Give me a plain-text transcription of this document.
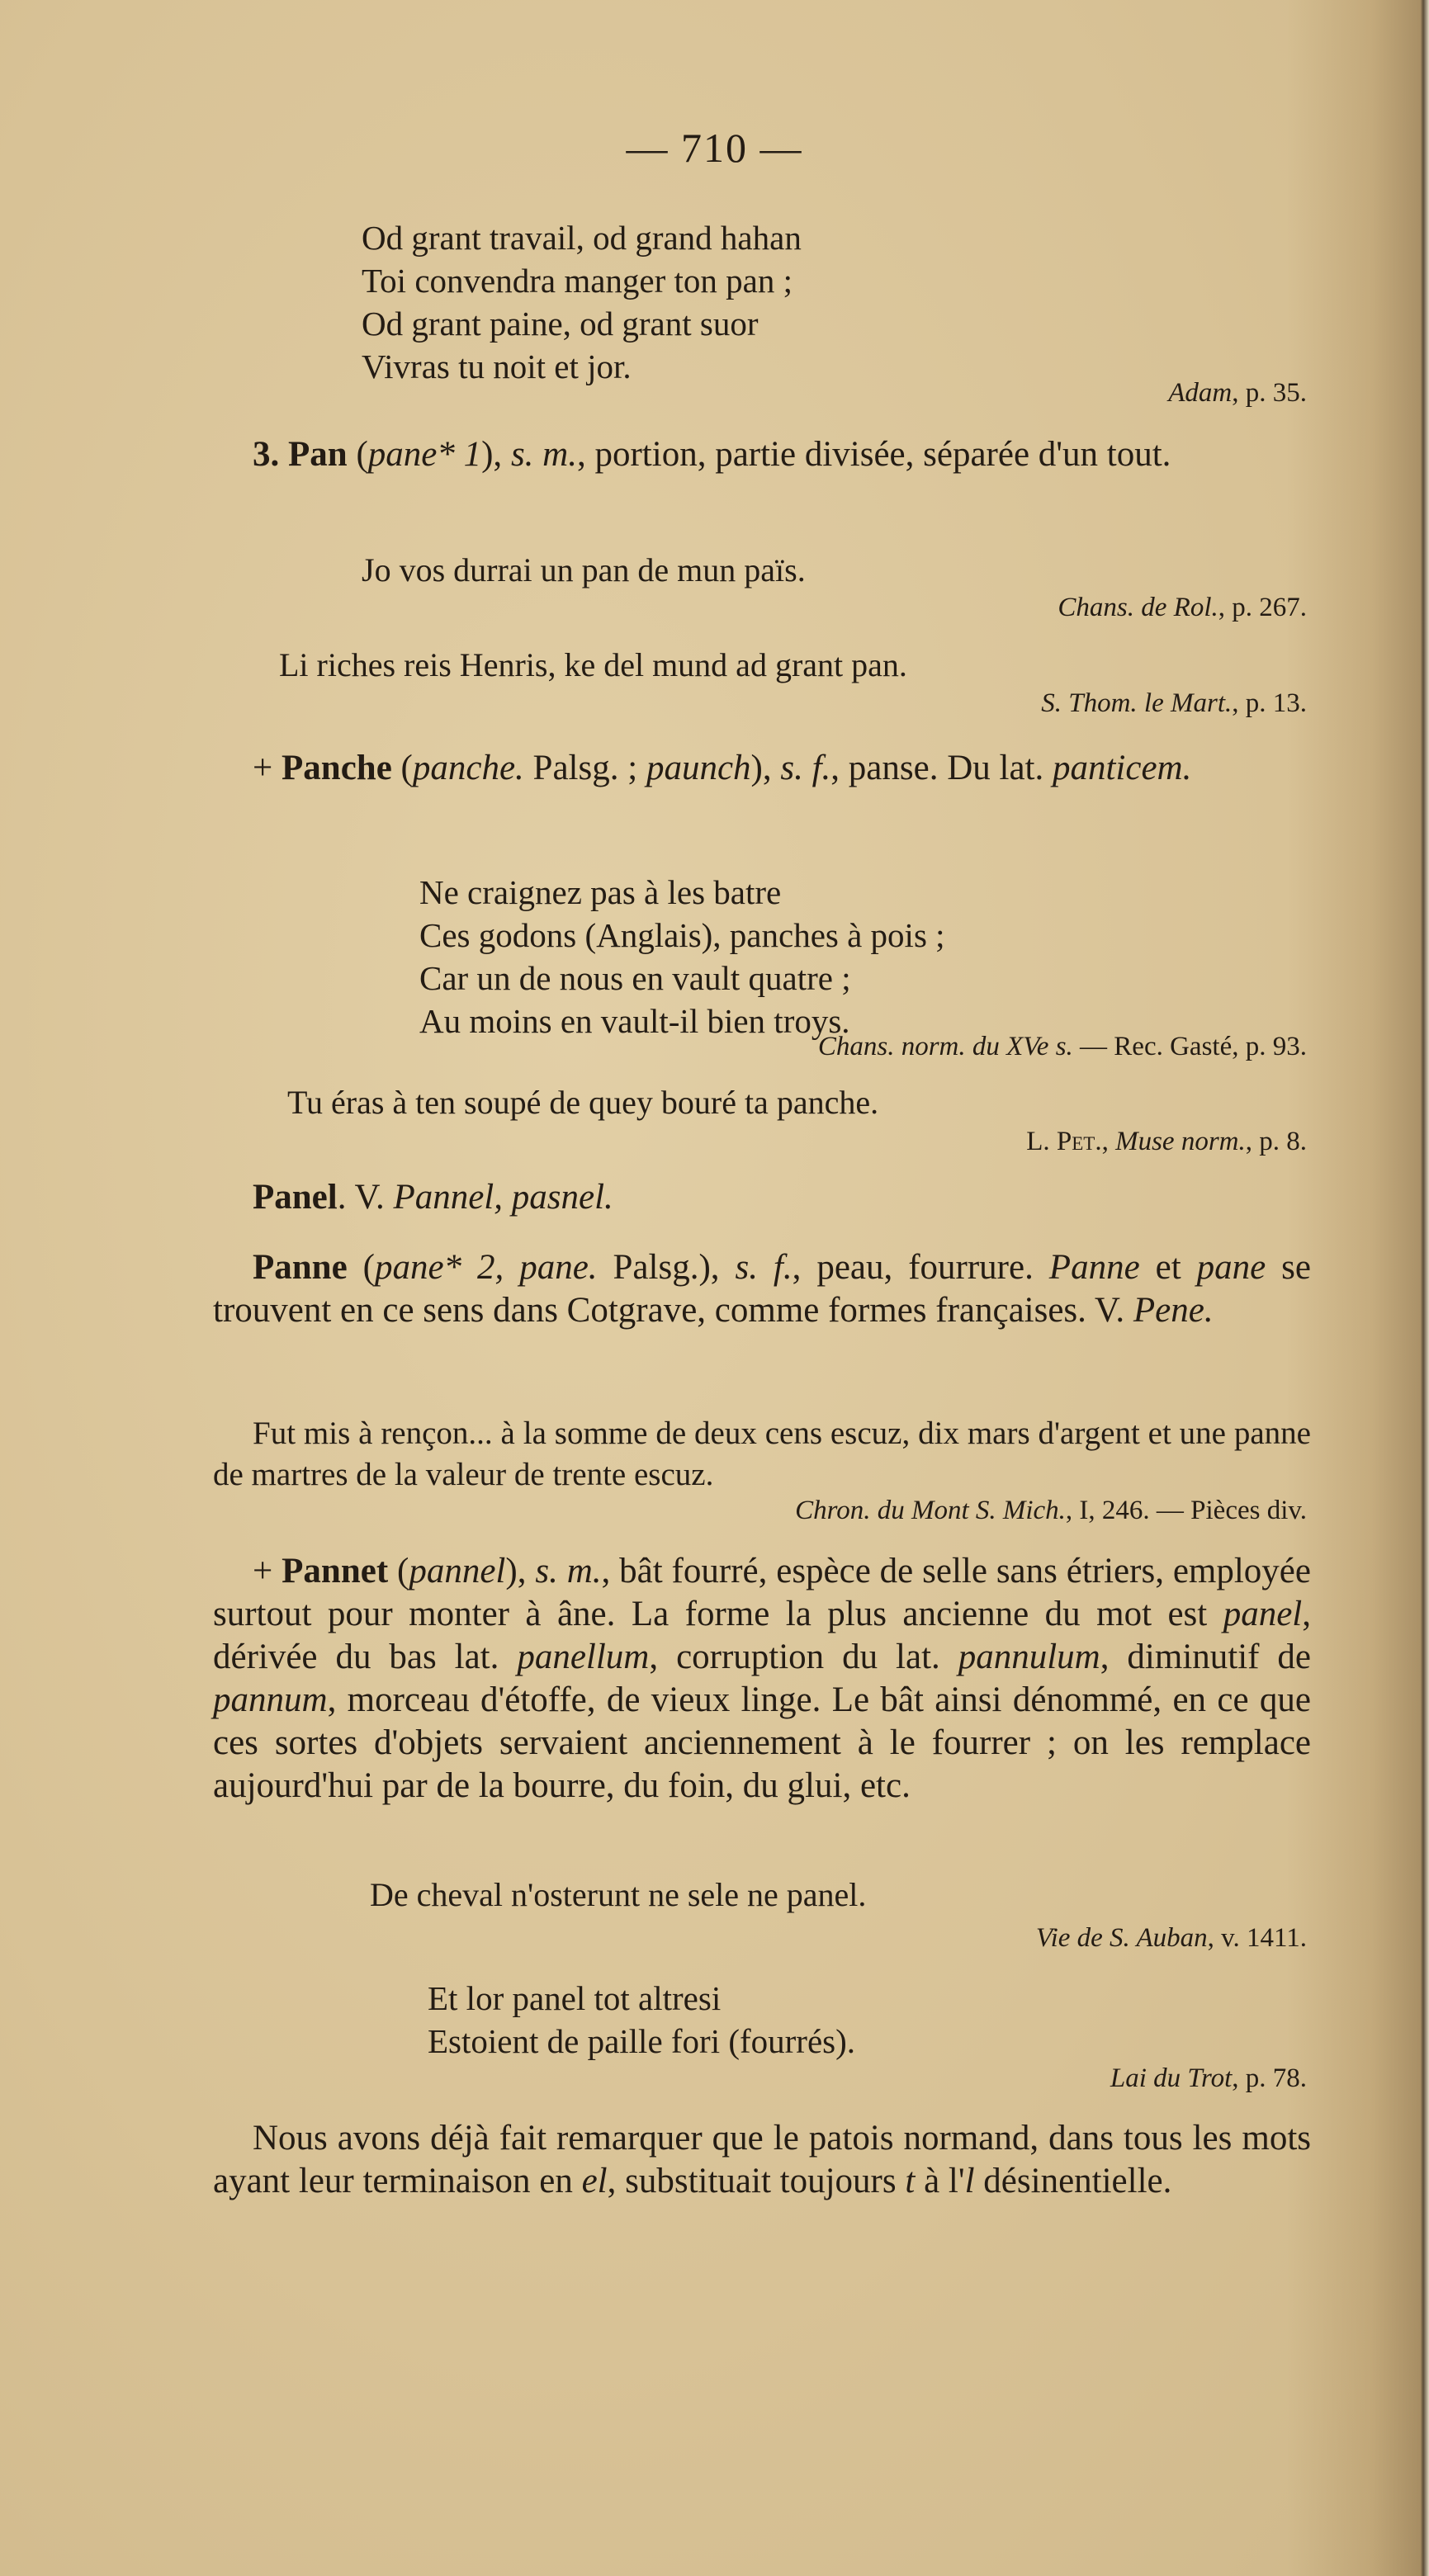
— 710 —
Od grant travail, od grand hahan
Toi convendra manger ton pan ;
Od grant paine, od grant suor
Vivras tu noit et jor.
Adam, p. 35.
3. Pan (pane* 1), s. m., portion, partie divisée, séparée d'un tout.
Jo vos durrai un pan de mun païs.
Chans. de Rol., p. 267.
Li riches reis Henris, ke del mund ad grant pan.
S. Thom. le Mart., p. 13.
+ Panche (panche. Palsg. ; paunch), s. f., panse. Du lat. panticem.
Ne craignez pas à les batre
Ces godons (Anglais), panches à pois ;
Car un de nous en vault quatre ;
Au moins en vault-il bien troys.
Chans. norm. du XVe s. — Rec. Gasté, p. 93.
Tu éras à ten soupé de quey bouré ta panche.
L. Pet., Muse norm., p. 8.
Panel. V. Pannel, pasnel.
Panne (pane* 2, pane. Palsg.), s. f., peau, fourrure. Panne et pane se trouvent en ce sens dans Cotgrave, comme formes françaises. V. Pene.
Fut mis à rençon... à la somme de deux cens escuz, dix mars d'argent et une panne de martres de la valeur de trente escuz.
Chron. du Mont S. Mich., I, 246. — Pièces div.
+ Pannet (pannel), s. m., bât fourré, espèce de selle sans étriers, employée surtout pour monter à âne. La forme la plus ancienne du mot est panel, dérivée du bas lat. panellum, corruption du lat. pannulum, diminutif de pannum, morceau d'étoffe, de vieux linge. Le bât ainsi dénommé, en ce que ces sortes d'objets servaient anciennement à le fourrer ; on les remplace aujourd'hui par de la bourre, du foin, du glui, etc.
De cheval n'osterunt ne sele ne panel.
Vie de S. Auban, v. 1411.
Et lor panel tot altresi
Estoient de paille fori (fourrés).
Lai du Trot, p. 78.
Nous avons déjà fait remarquer que le patois normand, dans tous les mots ayant leur terminaison en el, substituait toujours t à l'l désinentielle.
